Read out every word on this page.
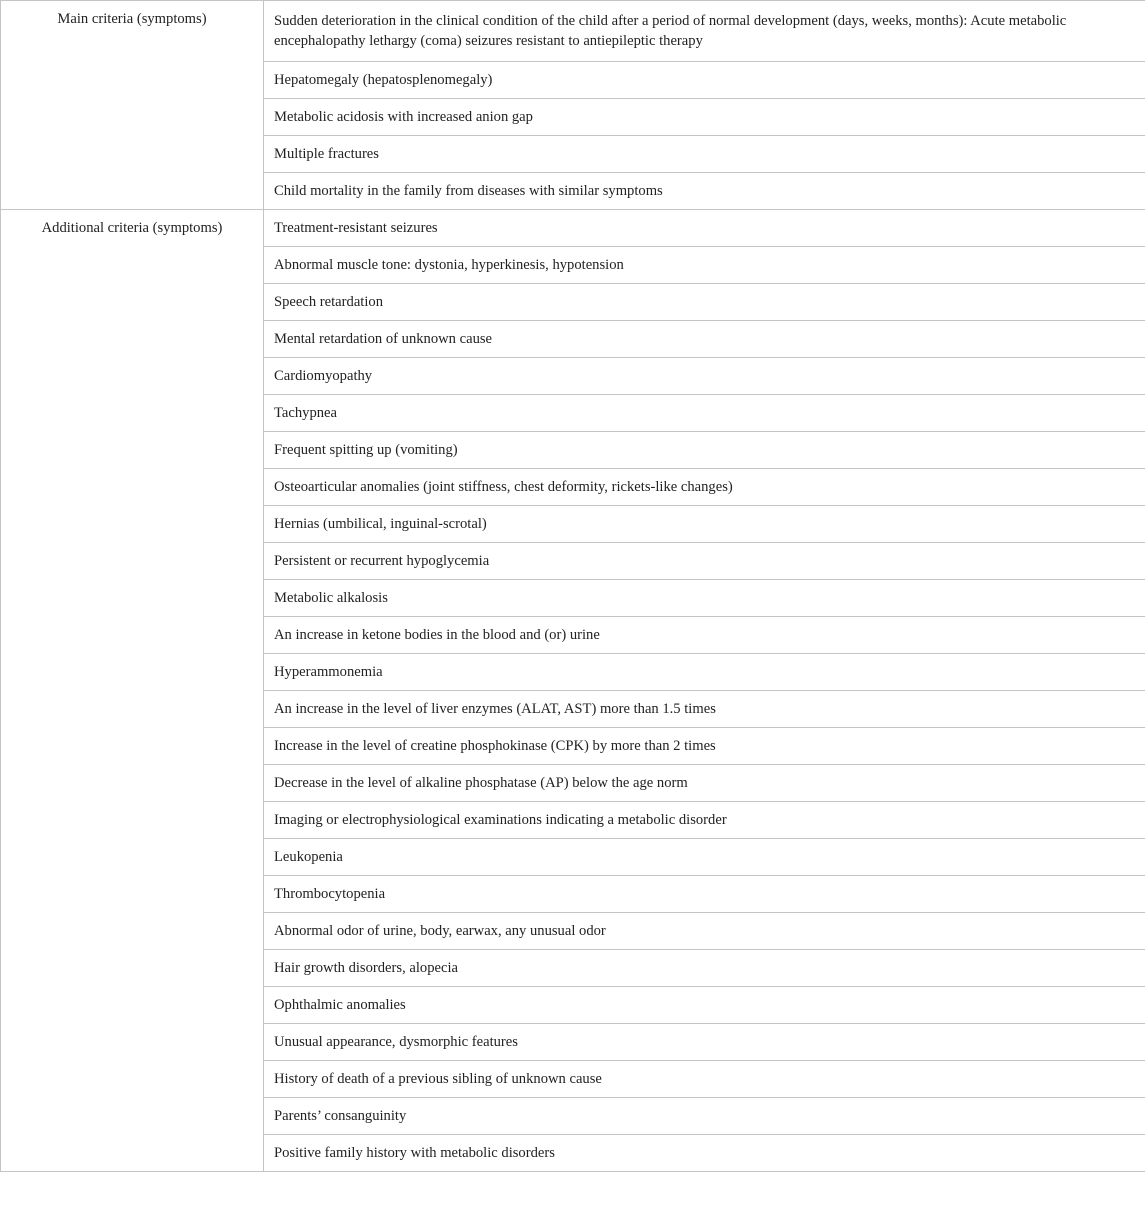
Main criteria (symptoms)	Sudden deterioration in the clinical condition of the child after a period of normal development (days, weeks, months): Acute metabolic encephalopathy lethargy (coma) seizures resistant to antiepileptic therapy
	Hepatomegaly (hepatosplenomegaly)
	Metabolic acidosis with increased anion gap
	Multiple fractures
	Child mortality in the family from diseases with similar symptoms
Additional criteria (symptoms)	Treatment-resistant seizures
	Abnormal muscle tone: dystonia, hyperkinesis, hypotension
	Speech retardation
	Mental retardation of unknown cause
	Cardiomyopathy
	Tachypnea
	Frequent spitting up (vomiting)
	Osteoarticular anomalies (joint stiffness, chest deformity, rickets-like changes)
	Hernias (umbilical, inguinal-scrotal)
	Persistent or recurrent hypoglycemia
	Metabolic alkalosis
	An increase in ketone bodies in the blood and (or) urine
	Hyperammonemia
	An increase in the level of liver enzymes (ALAT, AST) more than 1.5 times
	Increase in the level of creatine phosphokinase (CPK) by more than 2 times
	Decrease in the level of alkaline phosphatase (AP) below the age norm
	Imaging or electrophysiological examinations indicating a metabolic disorder
	Leukopenia
	Thrombocytopenia
	Abnormal odor of urine, body, earwax, any unusual odor
	Hair growth disorders, alopecia
	Ophthalmic anomalies
	Unusual appearance, dysmorphic features
	History of death of a previous sibling of unknown cause
	Parents’ consanguinity
	Positive family history with metabolic disorders
